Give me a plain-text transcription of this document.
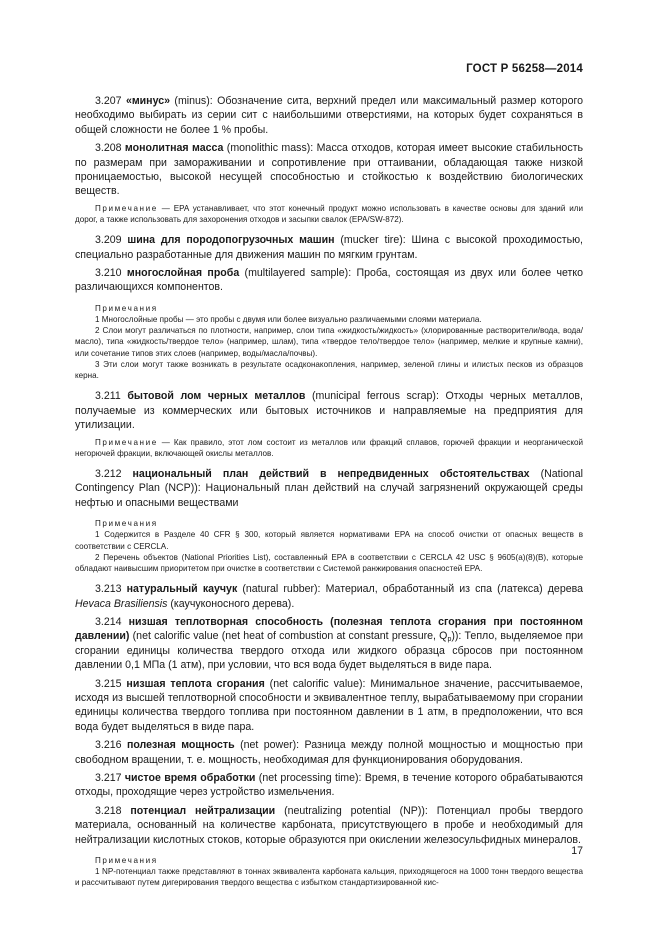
ГОСТ Р 56258—2014

3.207 «минус» (minus): Обозначение сита, верхний предел или максимальный размер которого необходимо выбирать из серии сит с наибольшими отверстиями, на которых будет сохраняться в общей сложности не более 1 % пробы.

3.208 монолитная масса (monolithic mass): Масса отходов, которая имеет высокие стабильность по размерам при замораживании и сопротивление при оттаивании, обладающая также низкой проницаемостью, высокой несущей способностью и стойкостью к воздействию биологических веществ.

Примечание — EPA устанавливает, что этот конечный продукт можно использовать в качестве основы для зданий или дорог, а также использовать для захоронения отходов и засыпки свалок (EPA/SW-872).

3.209 шина для породопогрузочных машин (mucker tire): Шина с высокой проходимостью, специально разработанные для движения машин по мягким грунтам.

3.210 многослойная проба (multilayered sample): Проба, состоящая из двух или более четко различающихся компонентов.

Примечания

1 Многослойные пробы — это пробы с двумя или более визуально различаемыми слоями материала.

2 Слои могут различаться по плотности, например, слои типа «жидкость/жидкость» (хлорированные растворители/вода, вода/масло), типа «жидкость/твердое тело» (например, шлам), типа «твердое тело/твердое тело» (например, мелкие и крупные камни), или сочетание типов этих слоев (например, воды/масла/почвы).

3 Эти слои могут также возникать в результате осадконакопления, например, зеленой глины и илистых песков из образцов керна.

3.211 бытовой лом черных металлов (municipal ferrous scrap): Отходы черных металлов, получаемые из коммерческих или бытовых источников и направляемые на предприятия для утилизации.

Примечание — Как правило, этот лом состоит из металлов или фракций сплавов, горючей фракции и неорганической негорючей фракции, включающей окислы металлов.

3.212 национальный план действий в непредвиденных обстоятельствах (National Contingency Plan (NCP)): Национальный план действий на случай загрязнений окружающей среды нефтью и опасными веществами

Примечания

1 Содержится в Разделе 40 CFR § 300, который является нормативами EPA на способ очистки от опасных веществ в соответствии с CERCLA.

2 Перечень объектов (National Priorities List), составленный EPA в соответствии с CERCLA 42 USC § 9605(a)(8)(B), которые обладают наивысшим приоритетом при очистке в соответствии с Системой ранжирования опасностей EPA.

3.213 натуральный каучук (natural rubber): Материал, обработанный из спа (латекса) дерева Hevaca Brasiliensis (каучуконосного дерева).

3.214 низшая теплотворная способность (полезная теплота сгорания при постоянном давлении) (net calorific value (net heat of combustion at constant pressure, $Q_p$)): Тепло, выделяемое при сгорании единицы количества твердого отхода или жидкого образца сбросов при постоянном давлении 0,1 МПа (1 атм), при условии, что вся вода будет выделяться в виде пара.

3.215 низшая теплота сгорания (net calorific value): Минимальное значение, рассчитываемое, исходя из высшей теплотворной способности и эквивалентное теплу, вырабатываемому при сгорании единицы количества твердого топлива при постоянном давлении в 1 атм, в предположении, что вся вода будет выделяться в виде пара.

3.216 полезная мощность (net power): Разница между полной мощностью и мощностью при свободном вращении, т. е. мощность, необходимая для функционирования оборудования.

3.217 чистое время обработки (net processing time): Время, в течение которого обрабатываются отходы, проходящие через устройство измельчения.

3.218 потенциал нейтрализации (neutralizing potential (NP)): Потенциал пробы твердого материала, основанный на количестве карбоната, присутствующего в пробе и необходимый для нейтрализации кислотных стоков, которые образуются при окислении железосульфидных минералов.

Примечания

1 NP-потенциал также представляют в тоннах эквивалента карбоната кальция, приходящегося на 1000 тонн твердого вещества и рассчитывают путем дигерирования твердого вещества с избытком стандартизированной кис-

17
